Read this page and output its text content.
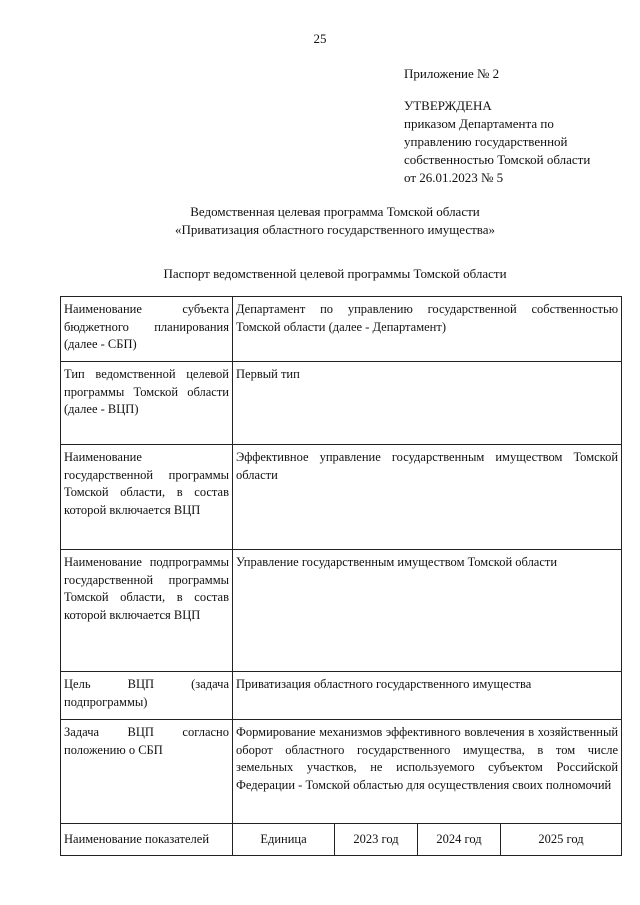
25
Приложение № 2
УТВЕРЖДЕНА
приказом Департамента по
управлению государственной
собственностью Томской области
от 26.01.2023 № 5
Ведомственная целевая программа Томской области
«Приватизация областного государственного имущества»
Паспорт ведомственной целевой программы Томской области
Наименование субъекта бюджетного планирования (далее - СБП)	Департамент по управлению государственной собственностью Томской области (далее - Департамент)			
Тип ведомственной целевой программы Томской области (далее - ВЦП)	Первый тип			
Наименование государственной программы Томской области, в состав которой включается ВЦП	Эффективное управление государственным имуществом Томской области			
Наименование подпрограммы государственной программы Томской области, в состав которой включается ВЦП	Управление государственным имуществом Томской области			
Цель ВЦП (задача подпрограммы)	Приватизация областного государственного имущества			
Задача ВЦП согласно положению о СБП	Формирование механизмов эффективного вовлечения в хозяйственный оборот областного государственного имущества, в том числе земельных участков, не используемого субъектом Российской Федерации - Томской областью для осуществления своих полномочий			
Наименование показателей	Единица	2023 год	2024 год	2025 год
